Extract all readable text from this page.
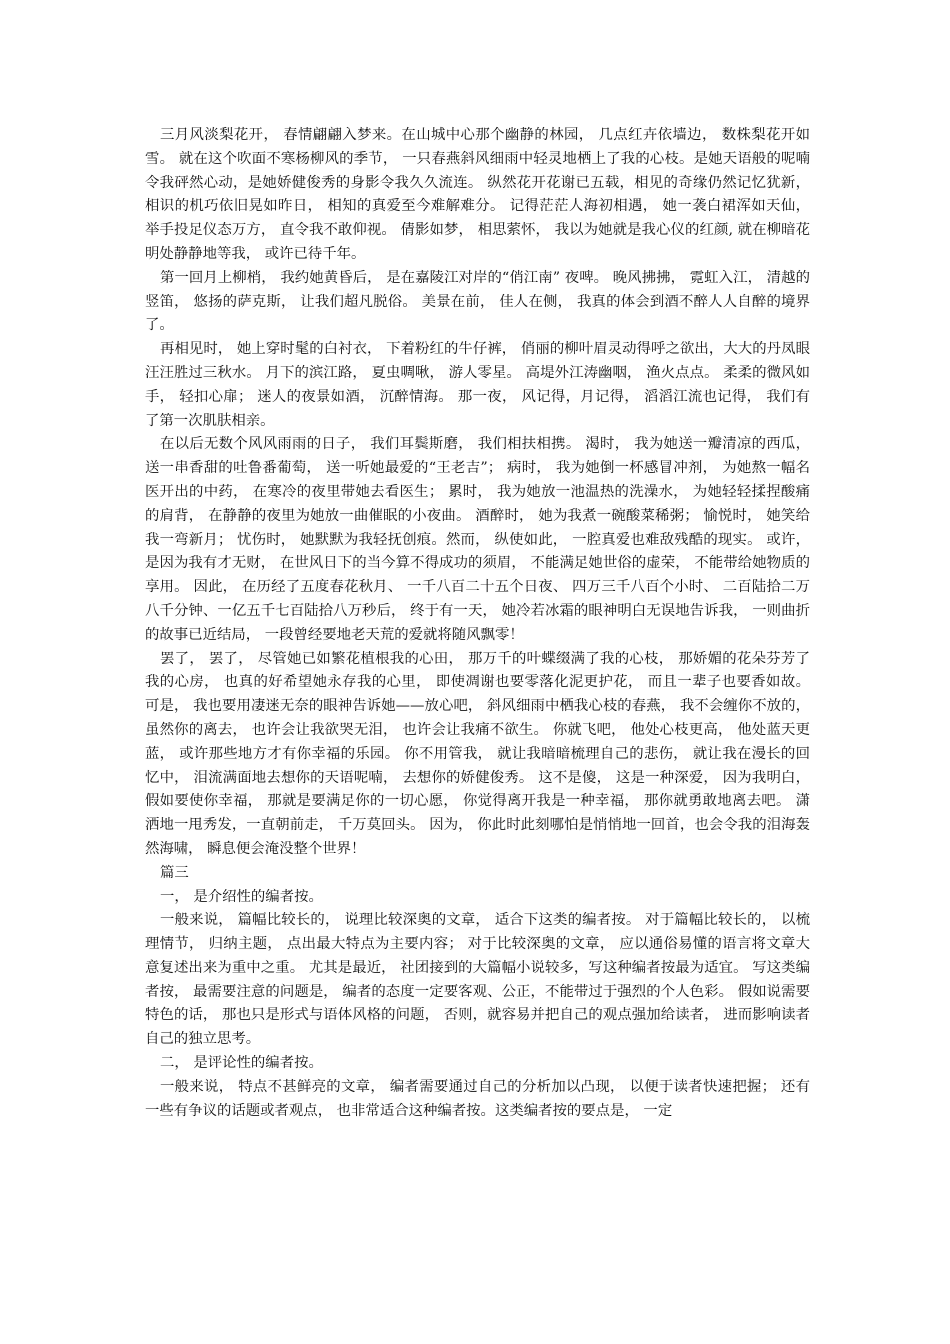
三月风淡梨花开， 春情翩翩入梦来。在山城中心那个幽静的林园， 几点红卉依墙边， 数株梨花开如雪。 就在这个吹面不寒杨柳风的季节， 一只春燕斜风细雨中轻灵地栖上了我的心枝。是她天语般的呢喃令我砰然心动，是她娇健俊秀的身影令我久久流连。 纵然花开花谢已五载，相见的奇缘仍然记忆犹新， 相识的机巧依旧晃如昨日， 相知的真爱至今难解难分。 记得茫茫人海初相遇， 她一袭白裙浑如天仙， 举手投足仪态万方， 直令我不敢仰视。 倩影如梦， 相思萦怀， 我以为她就是我心仪的红颜, 就在柳暗花明处静静地等我， 或许已待千年。

第一回月上柳梢， 我约她黄昏后， 是在嘉陵江对岸的“俏江南” 夜啤。 晚风拂拂， 霓虹入江， 清越的竖笛， 悠扬的萨克斯， 让我们超凡脱俗。 美景在前， 佳人在侧， 我真的体会到酒不醉人人自醉的境界了。

再相见时， 她上穿时髦的白衬衣， 下着粉红的牛仔裤， 俏丽的柳叶眉灵动得呼之欲出，大大的丹凤眼汪汪胜过三秋水。 月下的滨江路， 夏虫啁啾， 游人零星。 高堤外江涛幽咽， 渔火点点。 柔柔的微风如手， 轻扣心扉； 迷人的夜景如酒， 沉醉情海。 那一夜， 风记得，月记得， 滔滔江流也记得， 我们有了第一次肌肤相亲。

在以后无数个风风雨雨的日子， 我们耳鬓斯磨， 我们相扶相携。 渴时， 我为她送一瓣清凉的西瓜， 送一串香甜的吐鲁番葡萄， 送一听她最爱的“王老吉”； 病时， 我为她倒一杯感冒冲剂， 为她熬一幅名医开出的中药， 在寒冷的夜里带她去看医生； 累时， 我为她放一池温热的洗澡水， 为她轻轻揉捏酸痛的肩背， 在静静的夜里为她放一曲催眠的小夜曲。 酒醉时， 她为我煮一碗酸菜稀粥； 愉悦时， 她笑给我一弯新月； 忧伤时， 她默默为我轻抚创痕。然而， 纵使如此， 一腔真爱也难敌残酷的现实。 或许， 是因为我有才无财， 在世风日下的当今算不得成功的须眉， 不能满足她世俗的虚荣， 不能带给她物质的享用。 因此， 在历经了五度春花秋月、 一千八百二十五个日夜、 四万三千八百个小时、 二百陆拾二万八千分钟、一亿五千七百陆拾八万秒后， 终于有一天， 她冷若冰霜的眼神明白无误地告诉我， 一则曲折的故事已近结局， 一段曾经要地老天荒的爱就将随风飘零！

罢了， 罢了， 尽管她已如繁花植根我的心田， 那万千的叶蝶缀满了我的心枝， 那娇媚的花朵芬芳了我的心房， 也真的好希望她永存我的心里， 即使凋谢也要零落化泥更护花， 而且一辈子也要香如故。 可是， 我也要用凄迷无奈的眼神告诉她——放心吧， 斜风细雨中栖我心枝的春燕， 我不会缠你不放的， 虽然你的离去， 也许会让我欲哭无泪， 也许会让我痛不欲生。 你就飞吧， 他处心枝更高， 他处蓝天更蓝， 或许那些地方才有你幸福的乐园。 你不用管我， 就让我暗暗梳理自己的悲伤， 就让我在漫长的回忆中， 泪流满面地去想你的天语呢喃， 去想你的娇健俊秀。 这不是傻， 这是一种深爱， 因为我明白，假如要使你幸福， 那就是要满足你的一切心愿， 你觉得离开我是一种幸福， 那你就勇敢地离去吧。 潇洒地一甩秀发，一直朝前走， 千万莫回头。 因为， 你此时此刻哪怕是悄悄地一回首，也会令我的泪海轰然海啸， 瞬息便会淹没整个世界！

篇三

一， 是介绍性的编者按。

一般来说， 篇幅比较长的， 说理比较深奥的文章， 适合下这类的编者按。 对于篇幅比较长的， 以梳理情节， 归纳主题， 点出最大特点为主要内容； 对于比较深奥的文章， 应以通俗易懂的语言将文章大意复述出来为重中之重。 尤其是最近， 社团接到的大篇幅小说较多，写这种编者按最为适宜。 写这类编者按， 最需要注意的问题是， 编者的态度一定要客观、公正，不能带过于强烈的个人色彩。 假如说需要特色的话， 那也只是形式与语体风格的问题， 否则，就容易并把自己的观点强加给读者， 进而影响读者自己的独立思考。

二， 是评论性的编者按。

一般来说， 特点不甚鲜亮的文章， 编者需要通过自己的分析加以凸现， 以便于读者快速把握； 还有一些有争议的话题或者观点， 也非常适合这种编者按。这类编者按的要点是， 一定
